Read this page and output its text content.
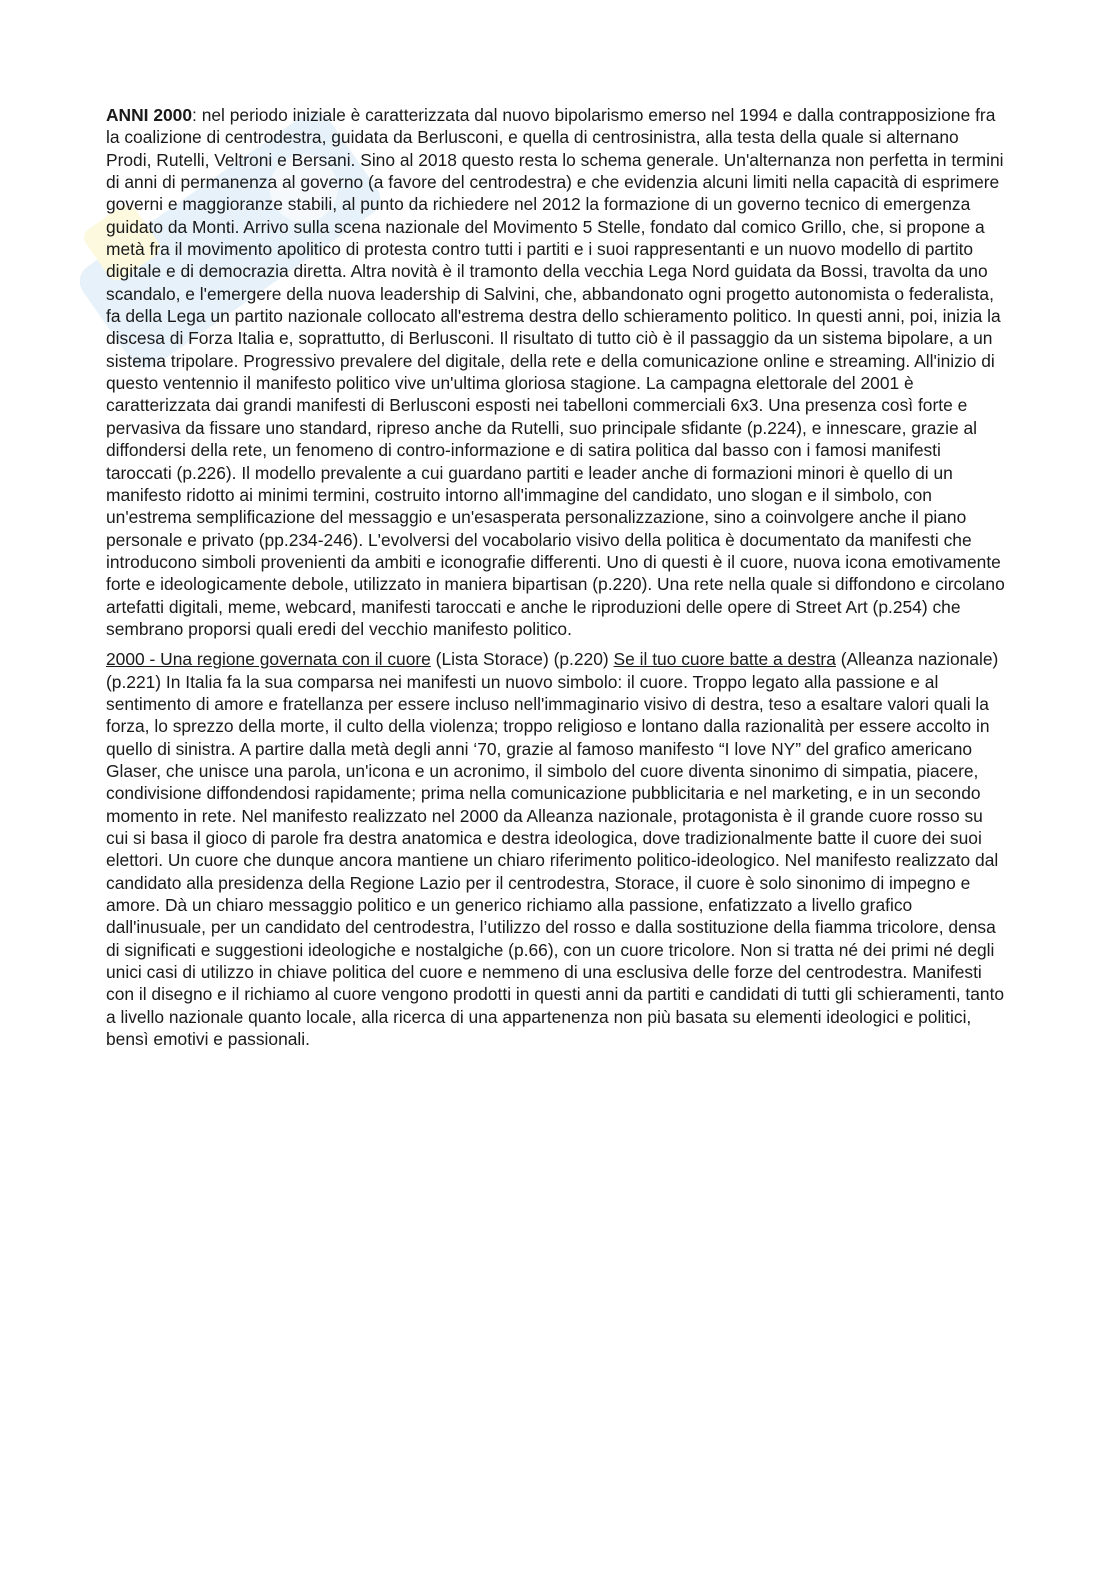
ANNI 2000: nel periodo iniziale è caratterizzata dal nuovo bipolarismo emerso nel 1994 e dalla contrapposizione fra la coalizione di centrodestra, guidata da Berlusconi, e quella di centrosinistra, alla testa della quale si alternano Prodi, Rutelli, Veltroni e Bersani. Sino al 2018 questo resta lo schema generale. Un'alternanza non perfetta in termini di anni di permanenza al governo (a favore del centrodestra) e che evidenzia alcuni limiti nella capacità di esprimere governi e maggioranze stabili, al punto da richiedere nel 2012 la formazione di un governo tecnico di emergenza guidato da Monti. Arrivo sulla scena nazionale del Movimento 5 Stelle, fondato dal comico Grillo, che, si propone a metà fra il movimento apolitico di protesta contro tutti i partiti e i suoi rappresentanti e un nuovo modello di partito digitale e di democrazia diretta. Altra novità è il tramonto della vecchia Lega Nord guidata da Bossi, travolta da uno scandalo, e l'emergere della nuova leadership di Salvini, che, abbandonato ogni progetto autonomista o federalista, fa della Lega un partito nazionale collocato all'estrema destra dello schieramento politico. In questi anni, poi, inizia la discesa di Forza Italia e, soprattutto, di Berlusconi. Il risultato di tutto ciò è il passaggio da un sistema bipolare, a un sistema tripolare. Progressivo prevalere del digitale, della rete e della comunicazione online e streaming. All'inizio di questo ventennio il manifesto politico vive un'ultima gloriosa stagione. La campagna elettorale del 2001 è caratterizzata dai grandi manifesti di Berlusconi esposti nei tabelloni commerciali 6x3. Una presenza così forte e pervasiva da fissare uno standard, ripreso anche da Rutelli, suo principale sfidante (p.224), e innescare, grazie al diffondersi della rete, un fenomeno di contro-informazione e di satira politica dal basso con i famosi manifesti taroccati (p.226). Il modello prevalente a cui guardano partiti e leader anche di formazioni minori è quello di un manifesto ridotto ai minimi termini, costruito intorno all'immagine del candidato, uno slogan e il simbolo, con un'estrema semplificazione del messaggio e un'esasperata personalizzazione, sino a coinvolgere anche il piano personale e privato (pp.234-246). L'evolversi del vocabolario visivo della politica è documentato da manifesti che introducono simboli provenienti da ambiti e iconografie differenti. Uno di questi è il cuore, nuova icona emotivamente forte e ideologicamente debole, utilizzato in maniera bipartisan (p.220). Una rete nella quale si diffondono e circolano artefatti digitali, meme, webcard, manifesti taroccati e anche le riproduzioni delle opere di Street Art (p.254) che sembrano proporsi quali eredi del vecchio manifesto politico.

2000 - Una regione governata con il cuore (Lista Storace) (p.220) Se il tuo cuore batte a destra (Alleanza nazionale) (p.221) In Italia fa la sua comparsa nei manifesti un nuovo simbolo: il cuore. Troppo legato alla passione e al sentimento di amore e fratellanza per essere incluso nell'immaginario visivo di destra, teso a esaltare valori quali la forza, lo sprezzo della morte, il culto della violenza; troppo religioso e lontano dalla razionalità per essere accolto in quello di sinistra. A partire dalla metà degli anni ‘70, grazie al famoso manifesto “I love NY” del grafico americano Glaser, che unisce una parola, un'icona e un acronimo, il simbolo del cuore diventa sinonimo di simpatia, piacere, condivisione diffondendosi rapidamente; prima nella comunicazione pubblicitaria e nel marketing, e in un secondo momento in rete. Nel manifesto realizzato nel 2000 da Alleanza nazionale, protagonista è il grande cuore rosso su cui si basa il gioco di parole fra destra anatomica e destra ideologica, dove tradizionalmente batte il cuore dei suoi elettori. Un cuore che dunque ancora mantiene un chiaro riferimento politico-ideologico. Nel manifesto realizzato dal candidato alla presidenza della Regione Lazio per il centrodestra, Storace, il cuore è solo sinonimo di impegno e amore. Dà un chiaro messaggio politico e un generico richiamo alla passione, enfatizzato a livello grafico dall'inusuale, per un candidato del centrodestra, l’utilizzo del rosso e dalla sostituzione della fiamma tricolore, densa di significati e suggestioni ideologiche e nostalgiche (p.66), con un cuore tricolore. Non si tratta né dei primi né degli unici casi di utilizzo in chiave politica del cuore e nemmeno di una esclusiva delle forze del centrodestra. Manifesti con il disegno e il richiamo al cuore vengono prodotti in questi anni da partiti e candidati di tutti gli schieramenti, tanto a livello nazionale quanto locale, alla ricerca di una appartenenza non più basata su elementi ideologici e politici, bensì emotivi e passionali.
